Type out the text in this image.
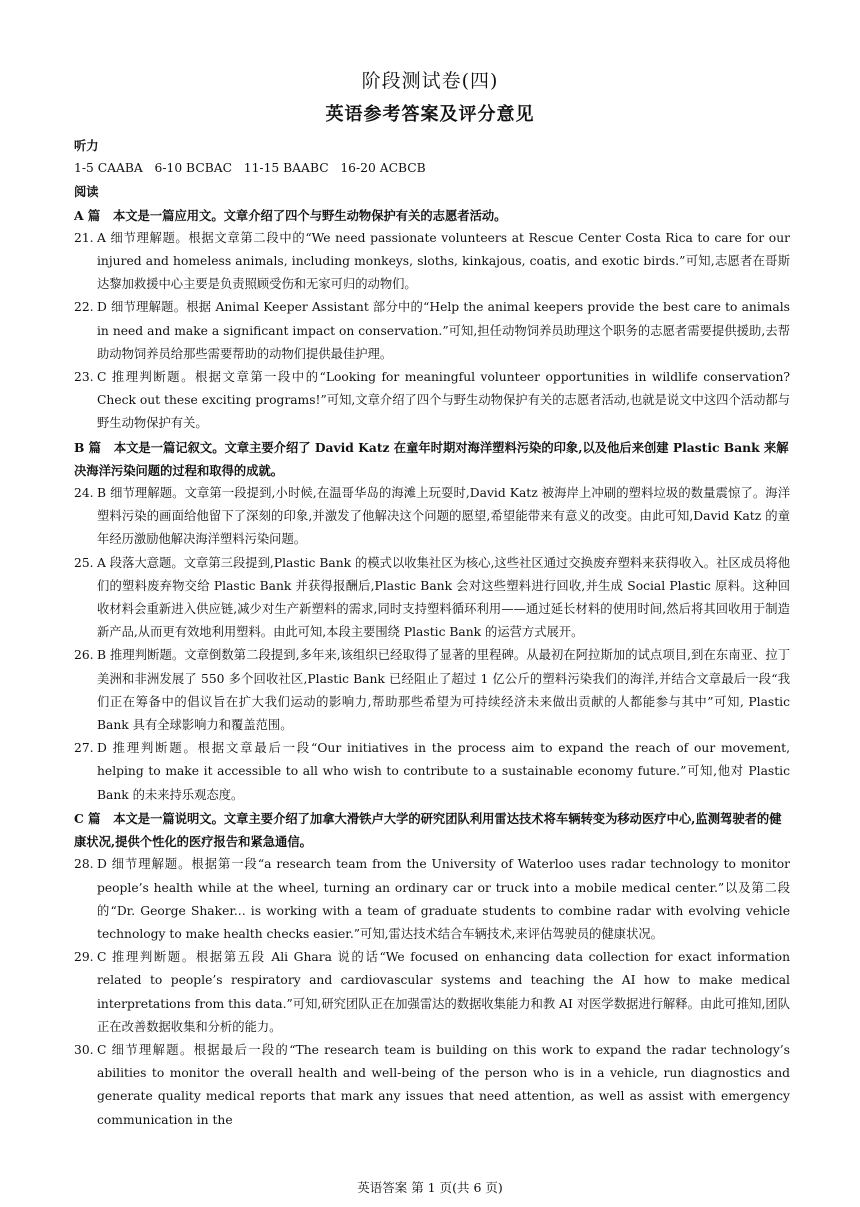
阶段测试卷(四)
英语参考答案及评分意见
听力
1-5 CAABA   6-10 BCBAC   11-15 BAABC   16-20 ACBCB
阅读
A 篇   本文是一篇应用文。文章介绍了四个与野生动物保护有关的志愿者活动。
21. A 细节理解题。根据文章第二段中的“We need passionate volunteers at Rescue Center Costa Rica to care for our injured and homeless animals, including monkeys, sloths, kinkajous, coatis, and exotic birds.”可知,志愿者在哥斯达黎加救援中心主要是负责照顾受伤和无家可归的动物们。
22. D 细节理解题。根据 Animal Keeper Assistant 部分中的“Help the animal keepers provide the best care to animals in need and make a significant impact on conservation.”可知,担任动物饲养员助理这个职务的志愿者需要提供援助,去帮助动物饲养员给那些需要帮助的动物们提供最佳护理。
23. C 推理判断题。根据文章第一段中的“Looking for meaningful volunteer opportunities in wildlife conservation? Check out these exciting programs!”可知,文章介绍了四个与野生动物保护有关的志愿者活动,也就是说文中这四个活动都与野生动物保护有关。
B 篇   本文是一篇记叙文。文章主要介绍了 David Katz 在童年时期对海洋塑料污染的印象,以及他后来创建 Plastic Bank 来解决海洋污染问题的过程和取得的成就。
24. B 细节理解题。文章第一段提到,小时候,在温哥华岛的海滩上玩耍时,David Katz 被海岸上冲刷的塑料垃圾的数量震惊了。海洋塑料污染的画面给他留下了深刻的印象,并激发了他解决这个问题的愿望,希望能带来有意义的改变。由此可知,David Katz 的童年经历激励他解决海洋塑料污染问题。
25. A 段落大意题。文章第三段提到,Plastic Bank 的模式以收集社区为核心,这些社区通过交换废弃塑料来获得收入。社区成员将他们的塑料废弃物交给 Plastic Bank 并获得报酬后,Plastic Bank 会对这些塑料进行回收,并生成 Social Plastic 原料。这种回收材料会重新进入供应链,减少对生产新塑料的需求,同时支持塑料循环利用——通过延长材料的使用时间,然后将其回收用于制造新产品,从而更有效地利用塑料。由此可知,本段主要围绕 Plastic Bank 的运营方式展开。
26. B 推理判断题。文章倒数第二段提到,多年来,该组织已经取得了显著的里程碑。从最初在阿拉斯加的试点项目,到在东南亚、拉丁美洲和非洲发展了 550 多个回收社区,Plastic Bank 已经阻止了超过 1 亿公斤的塑料污染我们的海洋,并结合文章最后一段“我们正在筹备中的倡议旨在扩大我们运动的影响力,帮助那些希望为可持续经济未来做出贡献的人都能参与其中”可知, Plastic Bank 具有全球影响力和覆盖范围。
27. D 推理判断题。根据文章最后一段“Our initiatives in the process aim to expand the reach of our movement, helping to make it accessible to all who wish to contribute to a sustainable economy future.”可知,他对 Plastic Bank 的未来持乐观态度。
C 篇   本文是一篇说明文。文章主要介绍了加拿大滑铁卢大学的研究团队利用雷达技术将车辆转变为移动医疗中心,监测驾驶者的健康状况,提供个性化的医疗报告和紧急通信。
28. D 细节理解题。根据第一段“a research team from the University of Waterloo uses radar technology to monitor people’s health while at the wheel, turning an ordinary car or truck into a mobile medical center.”以及第二段的“Dr. George Shaker... is working with a team of graduate students to combine radar with evolving vehicle technology to make health checks easier.”可知,雷达技术结合车辆技术,来评估驾驶员的健康状况。
29. C 推理判断题。根据第五段 Ali Ghara 说的话“We focused on enhancing data collection for exact information related to people’s respiratory and cardiovascular systems and teaching the AI how to make medical interpretations from this data.”可知,研究团队正在加强雷达的数据收集能力和教 AI 对医学数据进行解释。由此可推知,团队正在改善数据收集和分析的能力。
30. C 细节理解题。根据最后一段的“The research team is building on this work to expand the radar technology’s abilities to monitor the overall health and well-being of the person who is in a vehicle, run diagnostics and generate quality medical reports that mark any issues that need attention, as well as assist with emergency communication in the
英语答案 第 1 页(共 6 页)
